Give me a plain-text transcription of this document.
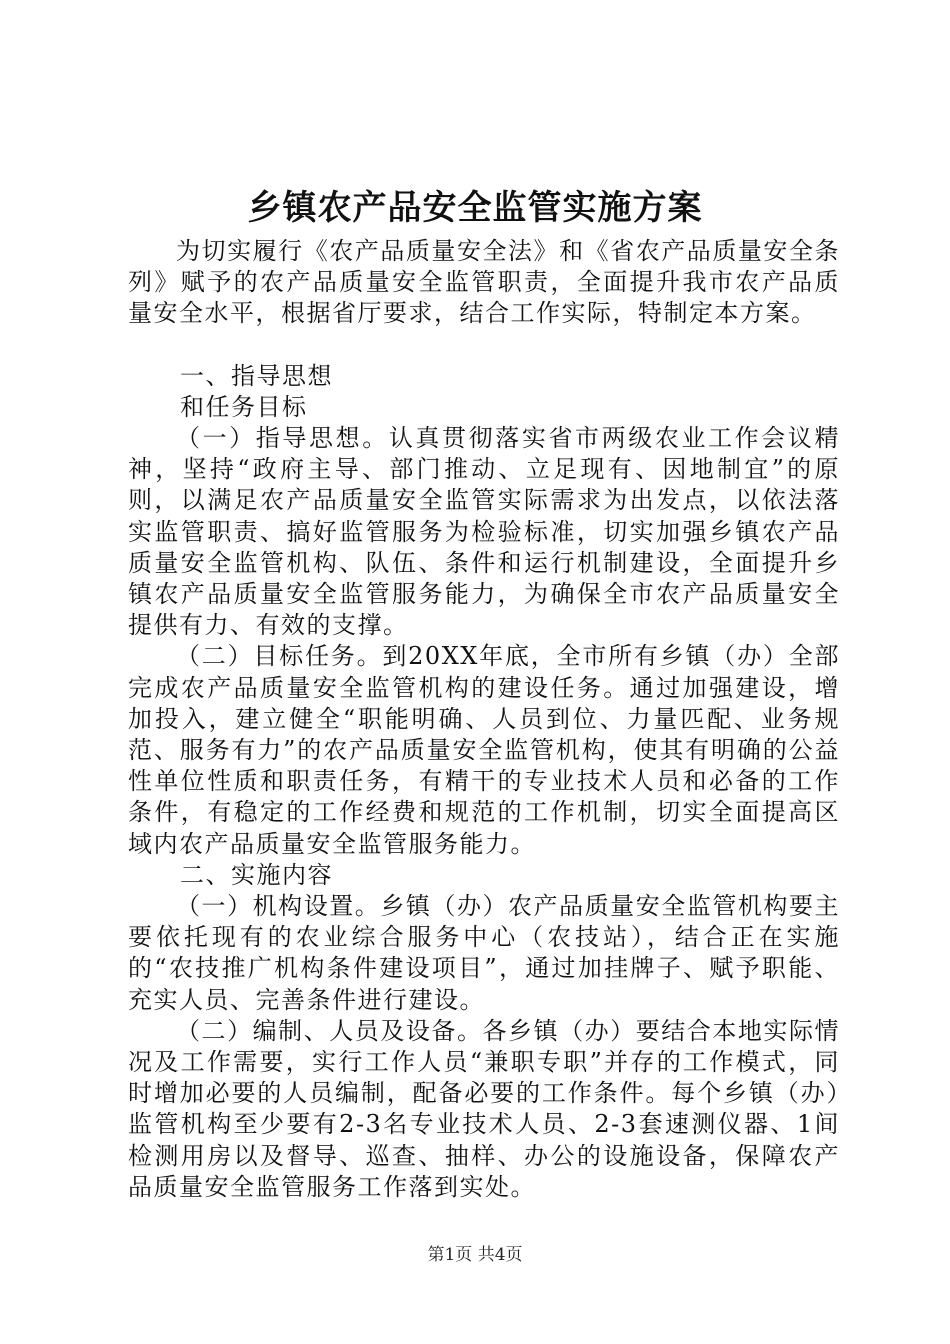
乡镇农产品安全监管实施方案

为切实履行《农产品质量安全法》和《省农产品质量安全条列》赋予的农产品质量安全监管职责，全面提升我市农产品质量安全水平，根据省厅要求，结合工作实际，特制定本方案。

一、指导思想

和任务目标

（一）指导思想。认真贯彻落实省市两级农业工作会议精神，坚持“政府主导、部门推动、立足现有、因地制宜”的原则，以满足农产品质量安全监管实际需求为出发点，以依法落实监管职责、搞好监管服务为检验标准，切实加强乡镇农产品质量安全监管机构、队伍、条件和运行机制建设，全面提升乡镇农产品质量安全监管服务能力，为确保全市农产品质量安全提供有力、有效的支撑。

（二）目标任务。到20XX年底，全市所有乡镇（办）全部完成农产品质量安全监管机构的建设任务。通过加强建设，增加投入，建立健全“职能明确、人员到位、力量匹配、业务规范、服务有力”的农产品质量安全监管机构，使其有明确的公益性单位性质和职责任务，有精干的专业技术人员和必备的工作条件，有稳定的工作经费和规范的工作机制，切实全面提高区域内农产品质量安全监管服务能力。

二、实施内容

（一）机构设置。乡镇（办）农产品质量安全监管机构要主要依托现有的农业综合服务中心（农技站），结合正在实施的“农技推广机构条件建设项目”，通过加挂牌子、赋予职能、充实人员、完善条件进行建设。

（二）编制、人员及设备。各乡镇（办）要结合本地实际情况及工作需要，实行工作人员“兼职专职”并存的工作模式，同时增加必要的人员编制，配备必要的工作条件。每个乡镇（办）监管机构至少要有2-3名专业技术人员、2-3套速测仪器、1间检测用房以及督导、巡查、抽样、办公的设施设备，保障农产品质量安全监管服务工作落到实处。

第1页 共4页
